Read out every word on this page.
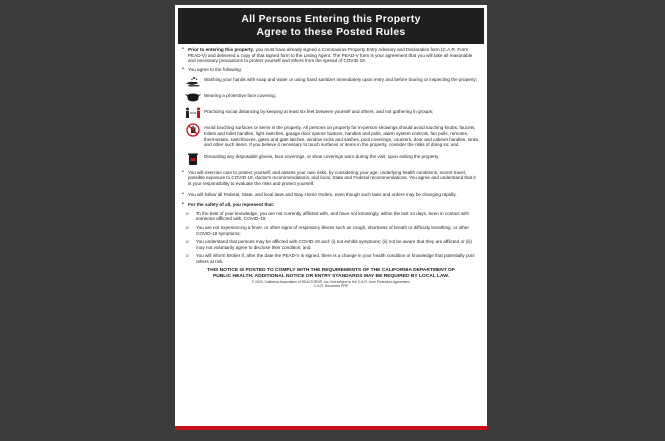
All Persons Entering this Property
Agree to these Posted Rules

• Prior to entering this property, you must have already signed a Coronavirus Property Entry Advisory and Declaration form (C.A.R. Form PEAD-V) and delivered a copy of that signed form to the Listing Agent. The PEAD-V form is your agreement that you will take all reasonable and necessary precautions to protect yourself and others from the spread of COVID-19.

• You agree to the following:

Washing your hands with soap and water or using hand sanitizer immediately upon entry and before touring or inspecting the property;
Wearing a protective face covering;
Practicing social distancing by keeping at least six feet between yourself and others, and not gathering in groups;
Avoid touching surfaces or items in the property. All persons on property for in-person showings should avoid touching knobs, faucets, toilets and toilet handles, light switches, garage door opener buttons, handles and pulls, alarm system controls, fan pulls, remotes, thermostats, switchboxes, gates and gate latches, window locks and sashes, pool coverings, counters, door and cabinet handles, sinks, and other such items. If you believe it necessary to touch surfaces or items in the property, consider the risks of doing so; and
Discarding any disposable gloves, face coverings, or shoe coverings worn during the visit, upon exiting the property.

• You will exercise care to protect yourself, and assess your own risks, by considering your age, underlying health conditions, recent travel, possible exposure to COVID-19, doctor's recommendations, and local, State and Federal recommendations. You agree and understand that it is your responsibility to evaluate the risks and protect yourself.

• You will follow all Federal, State, and local laws and Stay Home Orders, even though such laws and orders may be changing rapidly.

• For the safety of all, you represent that:

o To the best of your knowledge, you are not currently afflicted with, and have not knowingly, within the last 14 days, been in contact with someone afflicted with, COVID-19;

o You are not experiencing a fever, or other signs of respiratory illness such as cough, shortness of breath or difficulty breathing, or other COVID-19 symptoms;

o You understand that persons may be afflicted with COVID-19 and: (i) not exhibit symptoms; (ii) not be aware that they are afflicted or (iii) may not voluntarily agree to disclose their condition; and

o You will inform Broker if, after the date the PEAD-V is signed, there is a change in your health condition or knowledge that potentially puts others at risk.

THIS NOTICE IS POSTED TO COMPLY WITH THE REQUIREMENTS OF THE CALIFORNIA DEPARTMENT OF
PUBLIC HEALTH. ADDITIONAL NOTICE OR ENTRY STANDARDS MAY BE REQUIRED BY LOCAL LAW.
© 2020, California Association of REALTORS®, Inc. Not subject to the C.A.R. User Protection Agreement.
C.A.R. Document PRE
